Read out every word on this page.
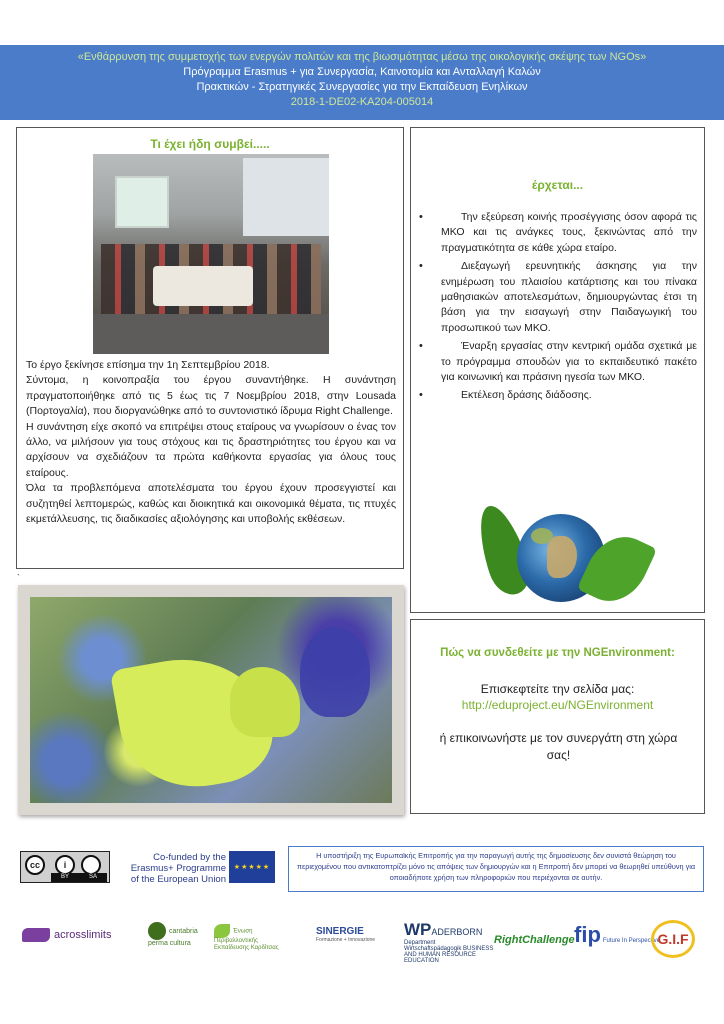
«Ενθάρρυνση της συμμετοχής των ενεργών πολιτών και της βιωσιμότητας μέσω της οικολογικής σκέψης των NGOs»
Πρόγραμμα Erasmus + για Συνεργασία, Καινοτομία και Ανταλλαγή Καλών
Πρακτικών - Στρατηγικές Συνεργασίες για την Εκπαίδευση Ενηλίκων
2018-1-DE02-KA204-005014
Τι έχει ήδη συμβεί.....

Το έργο ξεκίνησε επίσημα την 1η Σεπτεμβρίου 2018.

Σύντομα, η κοινοπραξία του έργου συναντήθηκε. Η συνάντηση πραγματοποιήθηκε από τις 5 έως τις 7 Νοεμβρίου 2018, στην Lousada (Πορτογαλία), που διοργανώθηκε από το συντονιστικό ίδρυμα Right Challenge.

Η συνάντηση είχε σκοπό να επιτρέψει στους εταίρους να γνωρίσουν ο ένας τον άλλο, να μιλήσουν για τους στόχους και τις δραστηριότητες του έργου και να αρχίσουν να σχεδιάζουν τα πρώτα καθήκοντα εργασίας για όλους τους εταίρους.

Όλα τα προβλεπόμενα αποτελέσματα του έργου έχουν προσεγγιστεί και συζητηθεί λεπτομερώς, καθώς και διοικητικά και οικονομικά θέματα, τις πτυχές εκμετάλλευσης, τις διαδικασίες αξιολόγησης και υποβολής εκθέσεων.

έρχεται...
•	Την εξεύρεση κοινής προσέγγισης όσον αφορά τις ΜΚΟ και τις ανάγκες τους, ξεκινώντας από την πραγματικότητα σε κάθε χώρα εταίρο.
•	Διεξαγωγή ερευνητικής άσκησης για την ενημέρωση του πλαισίου κατάρτισης και του πίνακα μαθησιακών αποτελεσμάτων, δημιουργώντας έτσι τη βάση για την εισαγωγή στην Παιδαγωγική του προσωπικού των ΜΚΟ.
•	Έναρξη εργασίας στην κεντρική ομάδα σχετικά με το πρόγραμμα σπουδών για το εκπαιδευτικό πακέτο για κοινωνική και πράσινη ηγεσία των ΜΚΟ.
•	Εκτέλεση δράσης διάδοσης.
Πώς να συνδεθείτε με την NGEnvironment:
Επισκεφτείτε την σελίδα μας:
http://eduproject.eu/NGEnvironment
ή επικοινωνήστε με τον συνεργάτη στη χώρα σας!
`
cc	i
BY	SA
Co-funded by the Erasmus+ Programme of the European Union
★★★★★
Η υποστήριξη της Ευρωπαϊκής Επιτροπής για την παραγωγή αυτής της δημοσίευσης δεν συνιστά θεώρηση του περιεχομένου που αντικατοπτρίζει μόνο τις απόψεις των δημιουργών και η Επιτροπή δεν μπορεί να θεωρηθεί υπεύθυνη για οποιαδήποτε χρήση των πληροφοριών που περιέχονται σε αυτήν.
acrosslimits	cantabria perma cultura
Ένωση Περιβαλλοντικής Εκπαίδευσης Καρδίτσας
SINERGIE
Formazione + Innovazione
WPADERBORN
Department Wirtschaftspädagogik BUSINESS AND HUMAN RESOURCE EDUCATION
RightChallenge fip Future In Perspective
G.I.F
